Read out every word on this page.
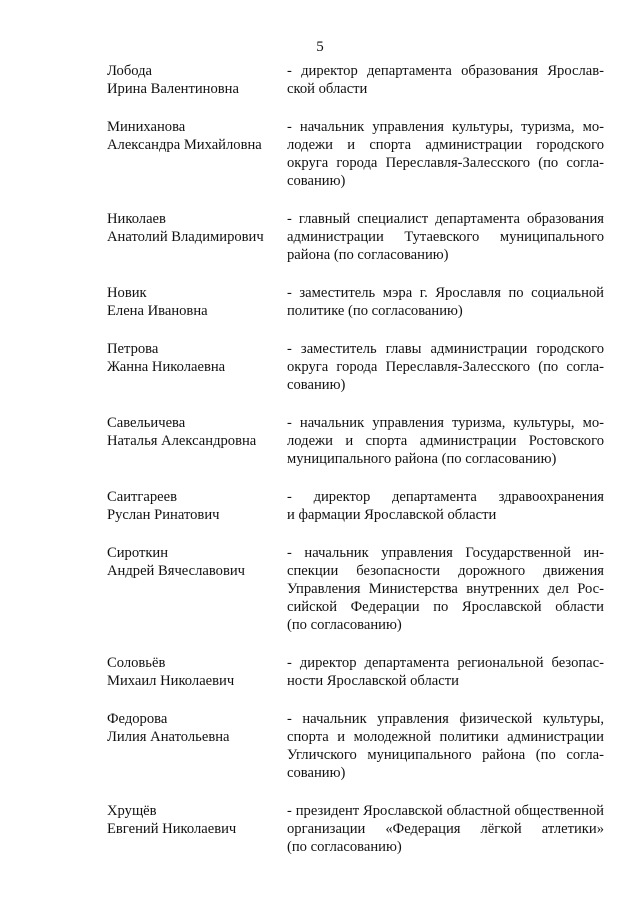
5
Лобода
Ирина Валентиновна
- директор департамента образования Ярослав-
ской области
Миниханова
Александра Михайловна
- начальник управления культуры, туризма, мо-
лодежи и спорта администрации городского
округа города Переславля-Залесского (по согла-
сованию)
Николаев
Анатолий Владимирович
- главный специалист департамента образования
администрации Тутаевского муниципального
района (по согласованию)
Новик
Елена Ивановна
- заместитель мэра г. Ярославля по социальной
политике (по согласованию)
Петрова
Жанна Николаевна
- заместитель главы администрации городского
округа города Переславля-Залесского (по согла-
сованию)
Савельичева
Наталья Александровна
- начальник управления туризма, культуры, мо-
лодежи и спорта администрации Ростовского
муниципального района (по согласованию)
Саитгареев
Руслан Ринатович
- директор департамента здравоохранения
и фармации Ярославской области
Сироткин
Андрей Вячеславович
- начальник управления Государственной ин-
спекции безопасности дорожного движения
Управления Министерства внутренних дел Рос-
сийской Федерации по Ярославской области
(по согласованию)
Соловьёв
Михаил Николаевич
- директор департамента региональной безопас-
ности Ярославской области
Федорова
Лилия Анатольевна
- начальник управления физической культуры,
спорта и молодежной политики администрации
Угличского муниципального района (по согла-
сованию)
Хрущёв
Евгений Николаевич
- президент Ярославской областной общественной
организации «Федерация лёгкой атлетики»
(по согласованию)
